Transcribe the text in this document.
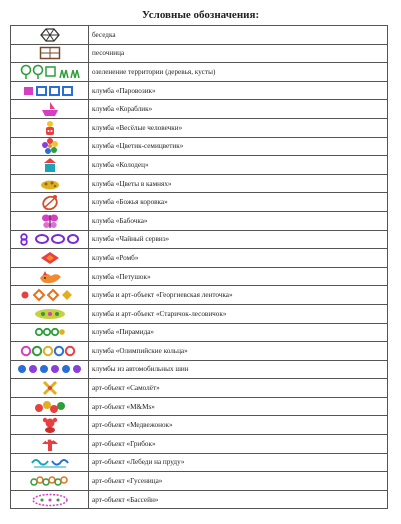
Условные обозначения:
	беседка

	песочница

	озеленение территории (деревья, кусты)

	клумба «Паровозик»

	клумба «Кораблик»

	клумба «Весёлые человечки»

	клумба «Цветик-семицветик»

	клумба «Колодец»

	клумба «Цветы в камнях»

	клумба «Божья коровка»

	клумба «Бабочка»

	клумба «Чайный сервиз»

	клумба «Ромб»

	клумба «Петушок»

	клумба и арт-объект «Георгиевская ленточка»

	клумба и арт-объект «Старичок-лесовичок»

	клумба «Пирамида»

	клумба «Олимпийские кольца»

	клумбы из автомобильных шин

	арт-объект «Самолёт»

	арт-объект «M&Ms»

	арт-объект «Медвежонок»

	арт-объект «Грибок»

	арт-объект «Лебеди на пруду»

	арт-объект «Гусеница»

	арт-объект «Бассейн»
